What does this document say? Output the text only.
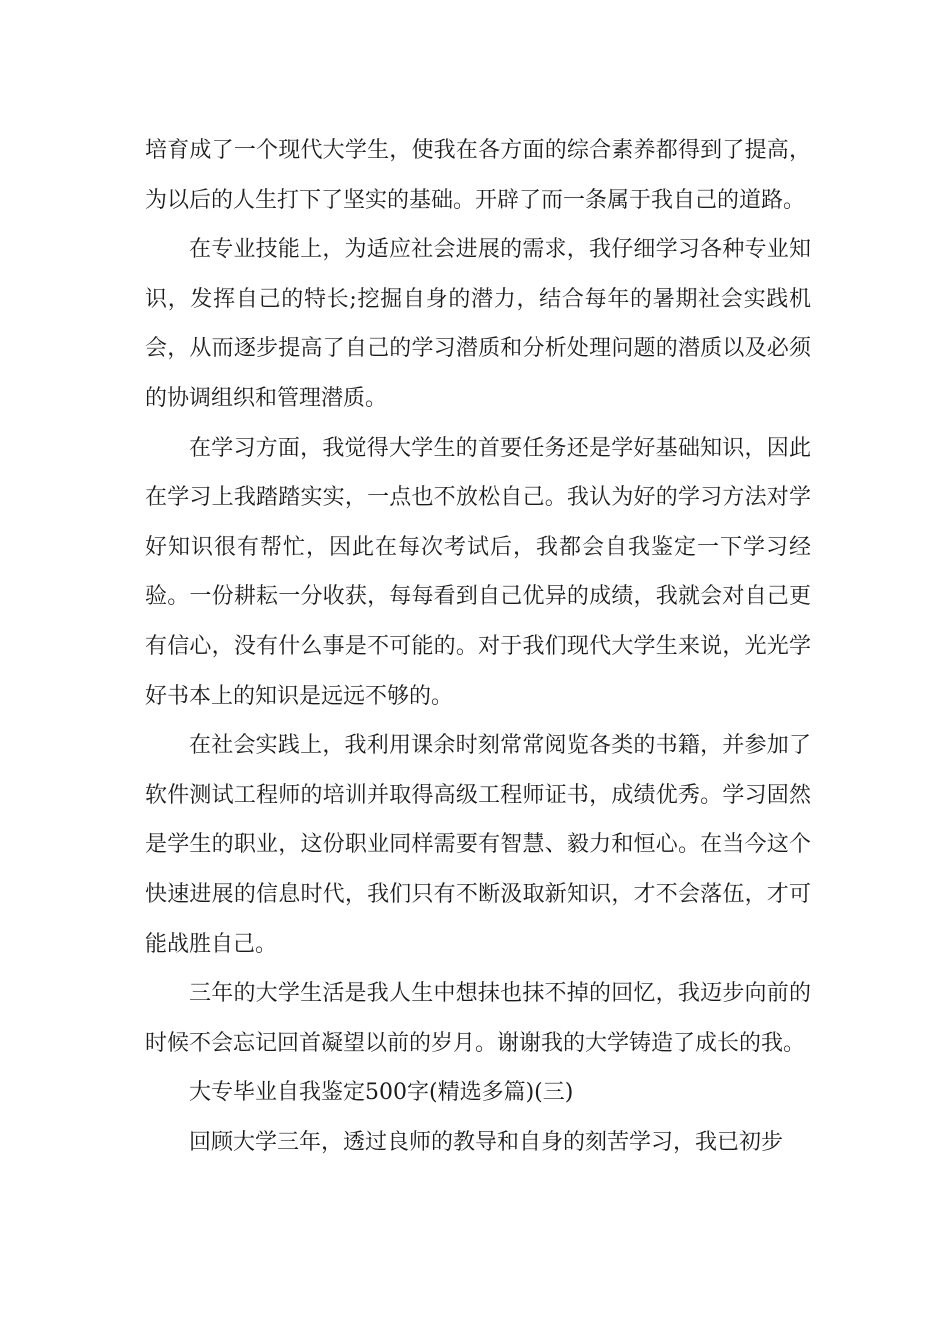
培育成了一个现代大学生，使我在各方面的综合素养都得到了提高，为以后的人生打下了坚实的基础。开辟了而一条属于我自己的道路。

在专业技能上，为适应社会进展的需求，我仔细学习各种专业知识，发挥自己的特长;挖掘自身的潜力，结合每年的暑期社会实践机会，从而逐步提高了自己的学习潜质和分析处理问题的潜质以及必须的协调组织和管理潜质。

在学习方面，我觉得大学生的首要任务还是学好基础知识，因此在学习上我踏踏实实，一点也不放松自己。我认为好的学习方法对学好知识很有帮忙，因此在每次考试后，我都会自我鉴定一下学习经验。一份耕耘一分收获，每每看到自己优异的成绩，我就会对自己更有信心，没有什么事是不可能的。对于我们现代大学生来说，光光学好书本上的知识是远远不够的。

在社会实践上，我利用课余时刻常常阅览各类的书籍，并参加了软件测试工程师的培训并取得高级工程师证书，成绩优秀。学习固然是学生的职业，这份职业同样需要有智慧、毅力和恒心。在当今这个快速进展的信息时代，我们只有不断汲取新知识，才不会落伍，才可能战胜自己。

三年的大学生活是我人生中想抹也抹不掉的回忆，我迈步向前的时候不会忘记回首凝望以前的岁月。谢谢我的大学铸造了成长的我。

大专毕业自我鉴定500字(精选多篇)(三)

回顾大学三年，透过良师的教导和自身的刻苦学习，我已初步
